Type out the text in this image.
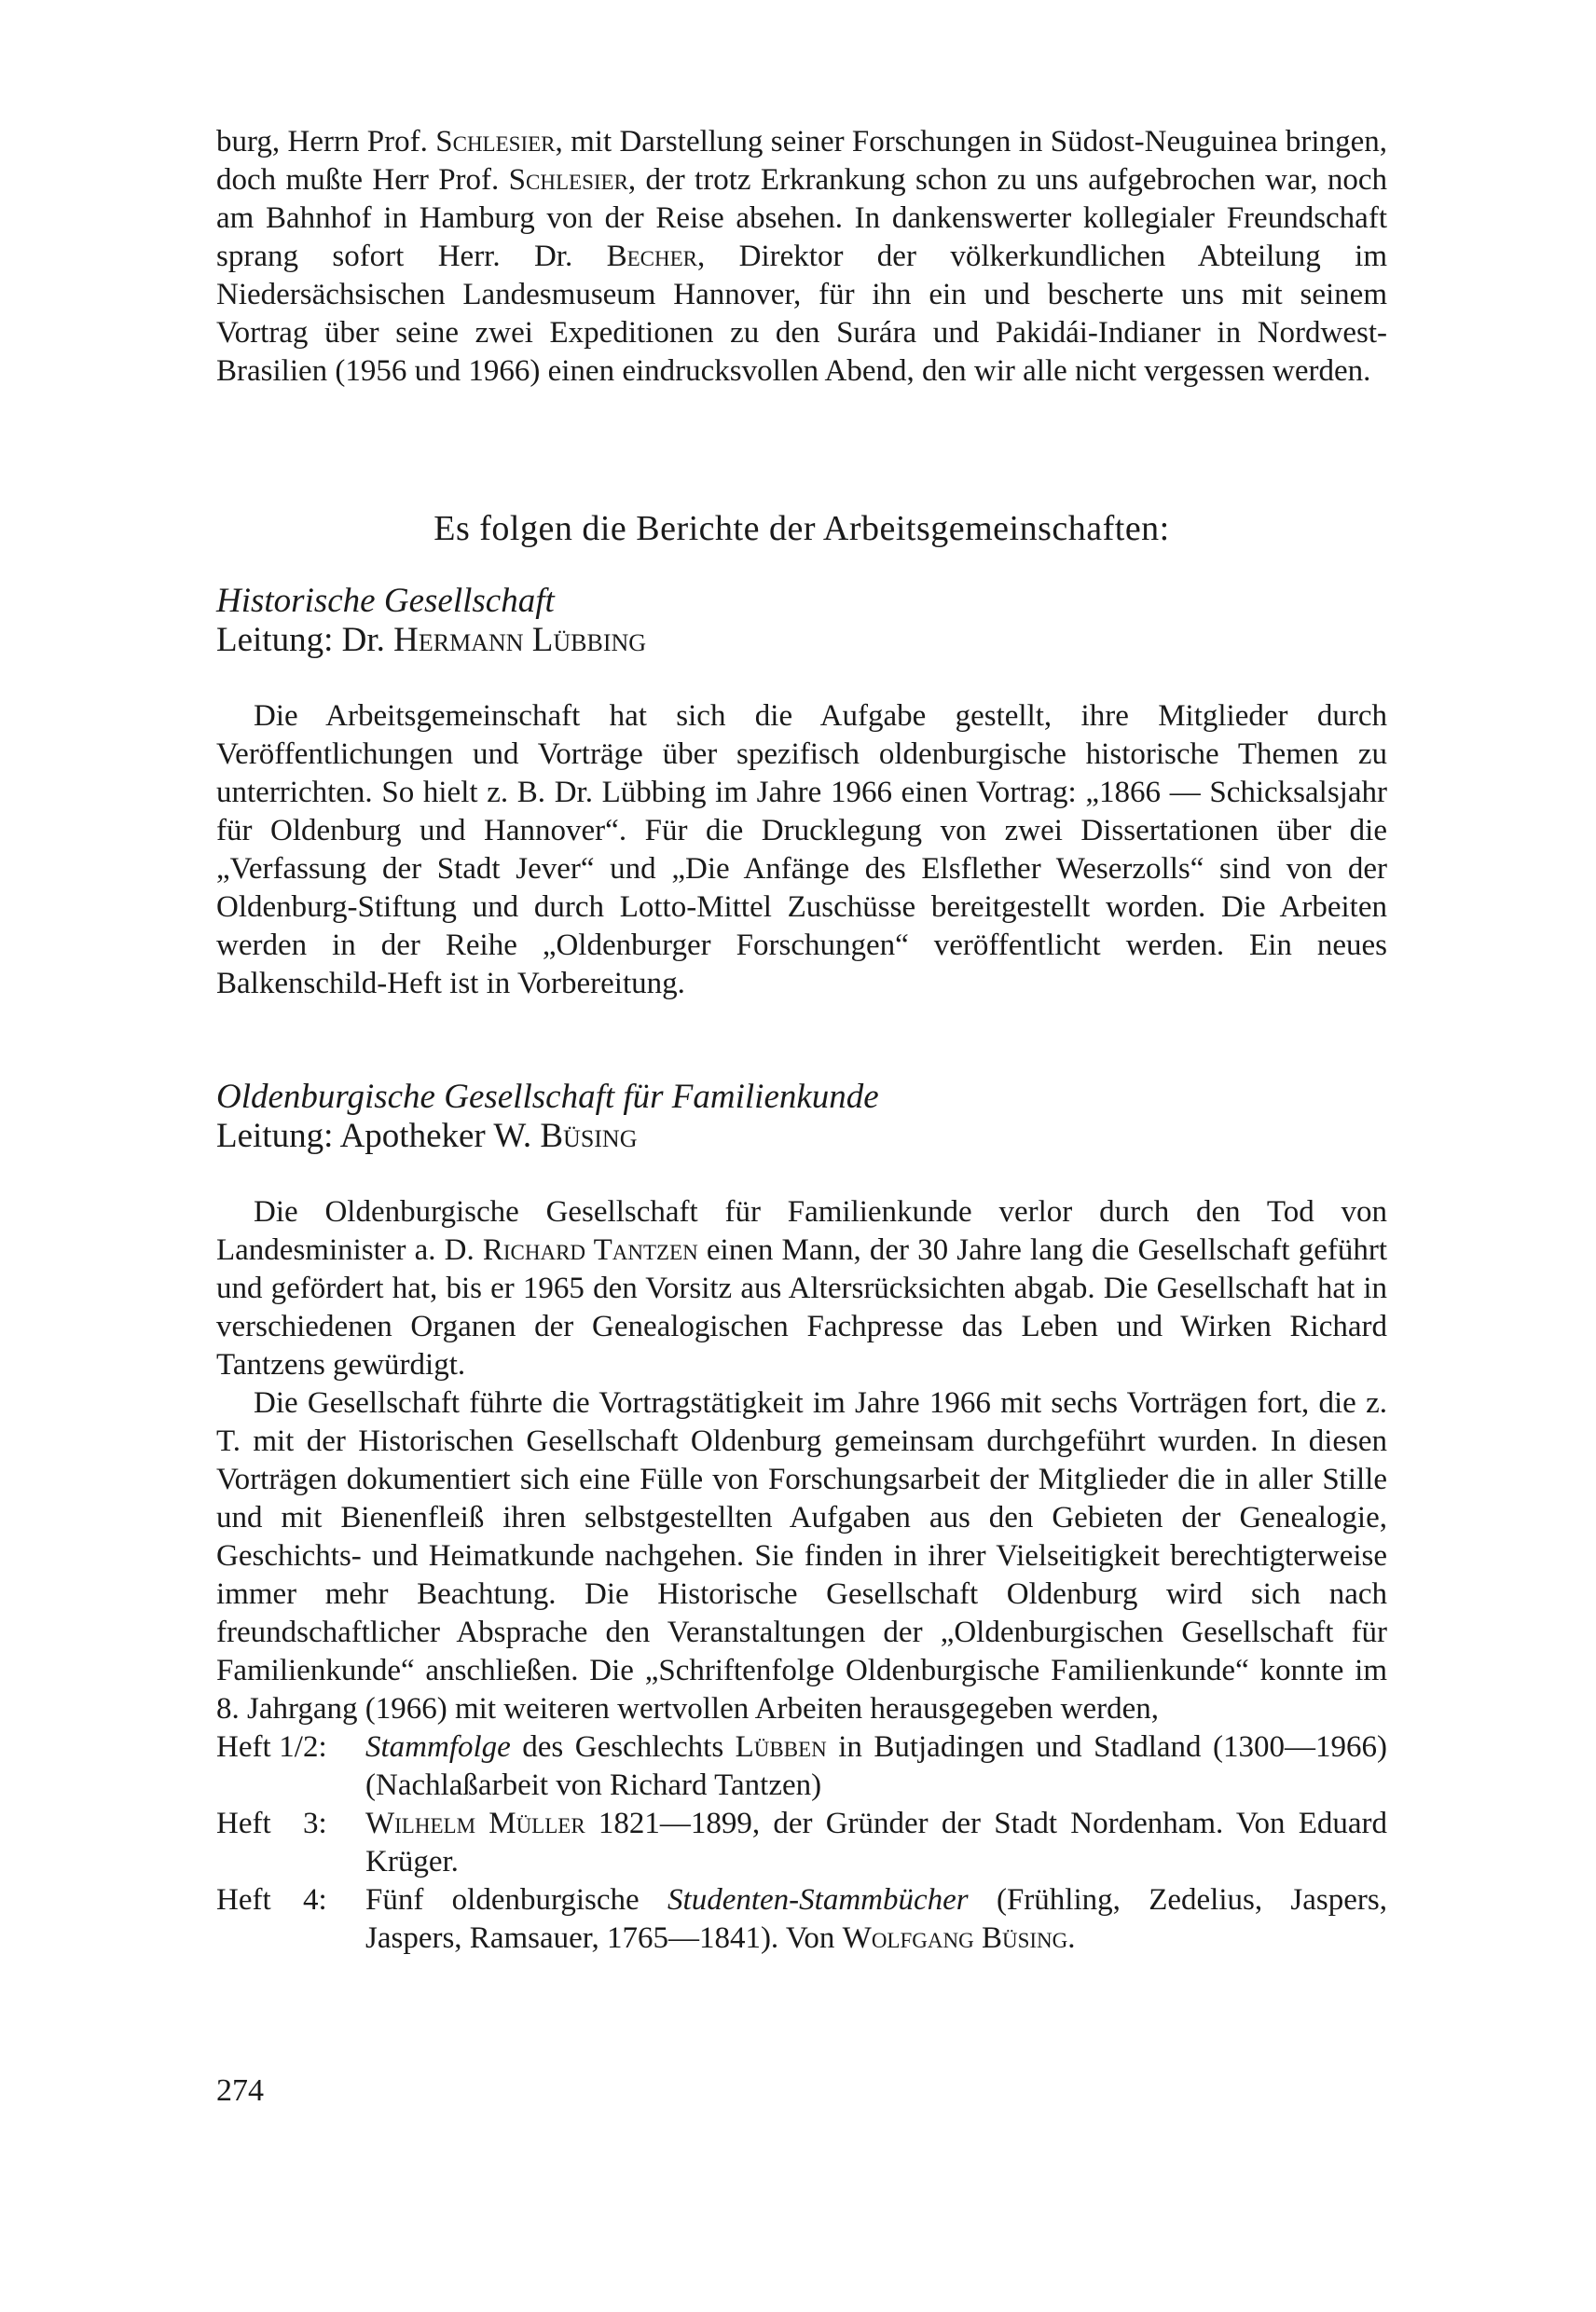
burg, Herrn Prof. Schlesier, mit Darstellung seiner Forschungen in Südost-Neuguinea bringen, doch mußte Herr Prof. Schlesier, der trotz Erkrankung schon zu uns aufgebrochen war, noch am Bahnhof in Hamburg von der Reise absehen. In dankenswerter kollegialer Freundschaft sprang sofort Herr. Dr. Becher, Direktor der völkerkundlichen Abteilung im Niedersächsischen Landesmuseum Hannover, für ihn ein und bescherte uns mit seinem Vortrag über seine zwei Expeditionen zu den Surára und Pakidái-Indianer in Nordwest-Brasilien (1956 und 1966) einen eindrucksvollen Abend, den wir alle nicht vergessen werden.

Es folgen die Berichte der Arbeitsgemeinschaften:

Historische Gesellschaft

Leitung: Dr. Hermann Lübbing

Die Arbeitsgemeinschaft hat sich die Aufgabe gestellt, ihre Mitglieder durch Veröffentlichungen und Vorträge über spezifisch oldenburgische historische Themen zu unterrichten. So hielt z. B. Dr. Lübbing im Jahre 1966 einen Vortrag: „1866 — Schicksalsjahr für Oldenburg und Hannover“. Für die Drucklegung von zwei Dissertationen über die „Verfassung der Stadt Jever“ und „Die Anfänge des Elsflether Weserzolls“ sind von der Oldenburg-Stiftung und durch Lotto-Mittel Zuschüsse bereitgestellt worden. Die Arbeiten werden in der Reihe „Oldenburger Forschungen“ veröffentlicht werden. Ein neues Balkenschild-Heft ist in Vorbereitung.

Oldenburgische Gesellschaft für Familienkunde

Leitung: Apotheker W. Büsing

Die Oldenburgische Gesellschaft für Familienkunde verlor durch den Tod von Landesminister a. D. Richard Tantzen einen Mann, der 30 Jahre lang die Gesellschaft geführt und gefördert hat, bis er 1965 den Vorsitz aus Altersrücksichten abgab. Die Gesellschaft hat in verschiedenen Organen der Genealogischen Fachpresse das Leben und Wirken Richard Tantzens gewürdigt.

Die Gesellschaft führte die Vortragstätigkeit im Jahre 1966 mit sechs Vorträgen fort, die z. T. mit der Historischen Gesellschaft Oldenburg gemeinsam durchgeführt wurden. In diesen Vorträgen dokumentiert sich eine Fülle von Forschungsarbeit der Mitglieder die in aller Stille und mit Bienenfleiß ihren selbstgestellten Aufgaben aus den Gebieten der Genealogie, Geschichts- und Heimatkunde nachgehen. Sie finden in ihrer Vielseitigkeit berechtigterweise immer mehr Beachtung. Die Historische Gesellschaft Oldenburg wird sich nach freundschaftlicher Absprache den Veranstaltungen der „Oldenburgischen Gesellschaft für Familienkunde“ anschließen. Die „Schriftenfolge Oldenburgische Familienkunde“ konnte im 8. Jahrgang (1966) mit weiteren wertvollen Arbeiten herausgegeben werden,

Heft 1/2:	Stammfolge des Geschlechts Lübben in Butjadingen und Stadland (1300—1966) (Nachlaßarbeit von Richard Tantzen)
Heft 3:	Wilhelm Müller 1821—1899, der Gründer der Stadt Nordenham. Von Eduard Krüger.
Heft 4:	Fünf oldenburgische Studenten-Stammbücher (Frühling, Zedelius, Jaspers, Jaspers, Ramsauer, 1765—1841). Von Wolfgang Büsing.
274
